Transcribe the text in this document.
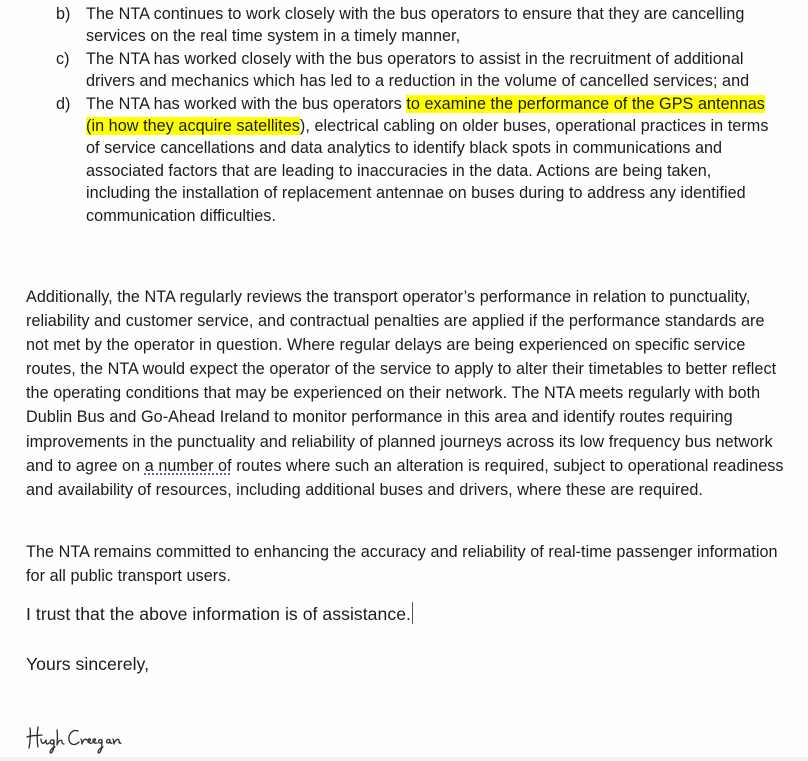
b) The NTA continues to work closely with the bus operators to ensure that they are cancelling services on the real time system in a timely manner,
c) The NTA has worked closely with the bus operators to assist in the recruitment of additional drivers and mechanics which has led to a reduction in the volume of cancelled services; and
d) The NTA has worked with the bus operators to examine the performance of the GPS antennas (in how they acquire satellites), electrical cabling on older buses, operational practices in terms of service cancellations and data analytics to identify black spots in communications and associated factors that are leading to inaccuracies in the data. Actions are being taken, including the installation of replacement antennae on buses during to address any identified communication difficulties.
Additionally, the NTA regularly reviews the transport operator’s performance in relation to punctuality, reliability and customer service, and contractual penalties are applied if the performance standards are not met by the operator in question. Where regular delays are being experienced on specific service routes, the NTA would expect the operator of the service to apply to alter their timetables to better reflect the operating conditions that may be experienced on their network. The NTA meets regularly with both Dublin Bus and Go-Ahead Ireland to monitor performance in this area and identify routes requiring improvements in the punctuality and reliability of planned journeys across its low frequency bus network and to agree on a number of routes where such an alteration is required, subject to operational readiness and availability of resources, including additional buses and drivers, where these are required.
The NTA remains committed to enhancing the accuracy and reliability of real-time passenger information for all public transport users.
I trust that the above information is of assistance.
Yours sincerely,
